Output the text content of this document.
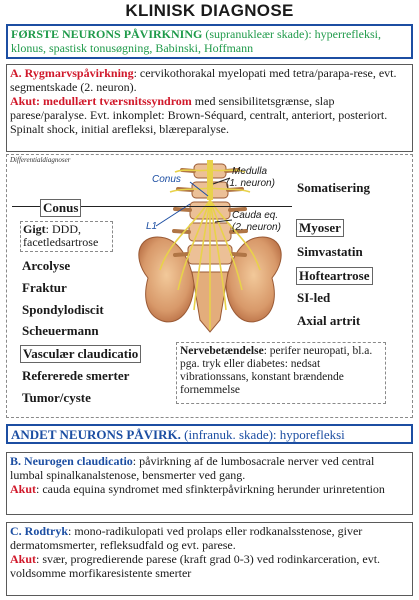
KLINISK DIAGNOSE
FØRSTE NEURONS PÅVIRKNING (supranukleær skade): hyperrefleksi, klonus, spastisk tonusøgning, Babinski, Hoffmann
A. Rygmarvspåvirkning: cervikothorakal myelopati med tetra/parapa-rese, evt. segmentskade (2. neuron).
Akut: medullært tværsnitssyndrom med sensibilitetsgrænse, slap parese/paralyse. Evt. inkomplet: Brown-Séquard, centralt, anteriort, posteriort. Spinalt shock, initial arefleksi, blæreparalyse.
Differentialdiagnoser
Conus
L1
Medulla
(1. neuron)
Cauda eq.
(2. neuron)
Conus
Gigt: DDD, facetledsartrose
Arcolyse
Fraktur
Spondylodiscit
Scheuermann
Vasculær claudicatio
Refererede smerter
Tumor/cyste
Somatisering
Myoser
Simvastatin
Hofteartrose
SI-led
Axial artrit
Nervebetændelse: perifer neuropati, bl.a. pga. tryk eller diabetes: nedsat vibrationssans, konstant brændende fornemmelse
ANDET NEURONS PÅVIRK. (infranuk. skade): hyporefleksi
B. Neurogen claudicatio: påvirkning af de lumbosacrale nerver ved central lumbal spinalkanalstenose, bensmerter ved gang.
Akut: cauda equina syndromet med sfinkterpåvirkning herunder urinretention
C. Rodtryk: mono-radikulopati ved prolaps eller rodkanalsstenose, giver dermatomsmerter, refleksudfald og evt. parese.
Akut: svær, progredierende parese (kraft grad 0-3) ved rodinkarceration, evt. voldsomme morfikaresistente smerter
